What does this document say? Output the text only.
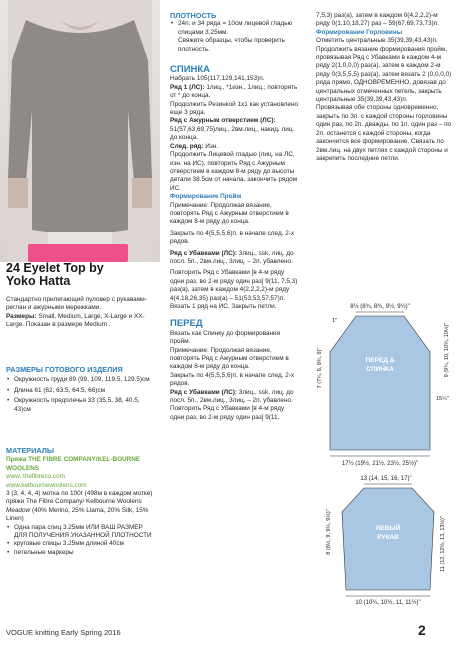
24 Eyelet Top by
Yoko Hatta

Стандартно прилегающий пуловер с рукавами-реглан и ажурными мережками.

Размеры: Small, Medium, Large, X-Large и XX-Large. Показан в размере Medium .

РАЗМЕРЫ ГОТОВОГО ИЗДЕЛИЯ

• Окружность груди 89 (99, 109, 119.5, 129.5)см

• Длина 61 (62, 63.5, 64.5, 66)см

• Окружность предплечья 33 (35.5, 38, 40.5, 43)см

МАТЕРИАЛЫ

Пряжа THE FIBRE COMPANY/KEL-BOURNE WOOLENS

www. thefibreco.com

www.kelbournewoolens.com

3 (3, 4, 4, 4) мотка по 100г (498м в каждом мотке) пряжи The Fibre Company/ Kelbourne Woolens Meadow (40% Merino, 25% Llama, 20% Silk, 15% Linen)

• Одна пара спиц 3.25мм ИЛИ ВАШ РАЗМЕР ДЛЯ ПОЛУЧЕНИЯ УКАЗАННОЙ ПЛОТНОСТИ

• круговые спицы 3.25мм длиной 40см

• петельные маркеры

ПЛОТНОСТЬ

• 24п. и 34 ряда = 10см лицевой гладью спицами 3.25мм.

Свяжите образцы, чтобы проверить плотность.

СПИНКА

Набрать 105(117,129,141,153)п.

Ряд 1 (ЛС): 1лиц., *1изн., 1лиц.; повторять от * до конца.

Продолжить Резинкой 1х1 как установлено еще 3 ряда.

Ряд с Ажурным отверстием (ЛС): 51(57,63,69,75)лиц., 2вм.лиц., накид, лиц. до конца.

След. ряд: Изн.

Продолжить Лицевой гладью (лиц. на ЛС, изн. на ИС), повторить Ряд с Ажурным отверстием в каждом 8-м ряду до высоты детали 38.5см от начала, закончить рядом ИС.

Формирование Пройм

Примечание: Продолжая вязание, повторять Ряд с Ажурным отверстием в каждом 8-м ряду до конца.

Закрыть по 4(5,5,5,6)п. в начале след. 2-х рядов.

Ряд с Убавками (ЛС): 3лиц., ssk, лиц. до посл. 5п., 2вм.лиц., 3лиц. – 2п. убавлено.

Повторить Ряд с Убавками [в 4-м ряду одни раз, во 2-м ряду один раз] 9(11, 7,5,3) раз(а), затем в каждом 4(2,2,2,2)-м ряду 4(4,18,26,35) раз(а) – 51(53,53,57,57)п.

Вязать 1 ряд на ИС. Закрыть петли.

ПЕРЕД

Вязать как Спинку до формирования пройм.

Примечание: Продолжая вязание, повторять Ряд с Ажурным отверстием в каждом 8-м ряду до конца.

Закрыть по 4(5,5,5,6)п. в начале след. 2-х рядов.

Ряд с Убавками (ЛС): 3лиц., ssk, лиц. до посл. 5п., 2вм.лиц., 3лиц. – 2п. убавлено.

Повторить Ряд с Убавками [в 4-м ряду одни раз, во 2-м ряду один раз] 9(11,

7,5,3) раз(а), затем в каждом 0(4,2,2,2)-м ряду 0(1,10,18,27) раз – 59(67,69,73,73)п.

Формирование Горловины

Отметить центральные 35(39,39,43,43)п.

Продолжить вязание формирования пройм, провязывая Ряд с Убавками в каждом 4-м ряду 2(1,0,0,0) раз(а), затем в каждом 2-м ряду 0(3,5,5,5) раз(а), затем вязать 2 (0,0,0,0) ряда прямо, ОДНОВРЕМЕННО, довязав до центральных отмеченных петель, закрыть центральные 35(39,39,43,43)п.

Провязывая обе стороны одновременно, закрыть по 3п. с каждой стороны горловины один раз, по 2п. дважды, по 1п. один раз – по 2п. останется с каждой стороны, когда закончится все формирование. Связать по 2вм.лиц. на двух петлях с каждой стороны и закрепить последние петли.

8½ (8¾, 8¾, 9½, 9½)"
1"
7 (7¾, 8, 8¾, 9)"	ПЕРЕД &
СПИНКА
15¼"
9 (9¾, 10, 10¼, 10½)"
17½ (19½, 21½, 23½, 25½)"
13 (14, 15, 16, 17)"
ЛЕВЫЙ
РУКАВ
8 (8½, 9, 9¼, 9½)"	11 (12, 12½, 13, 13½)"
10 (10¼, 10½, 11, 11½)"
VOGUE knitting Early Spring 2016	2
